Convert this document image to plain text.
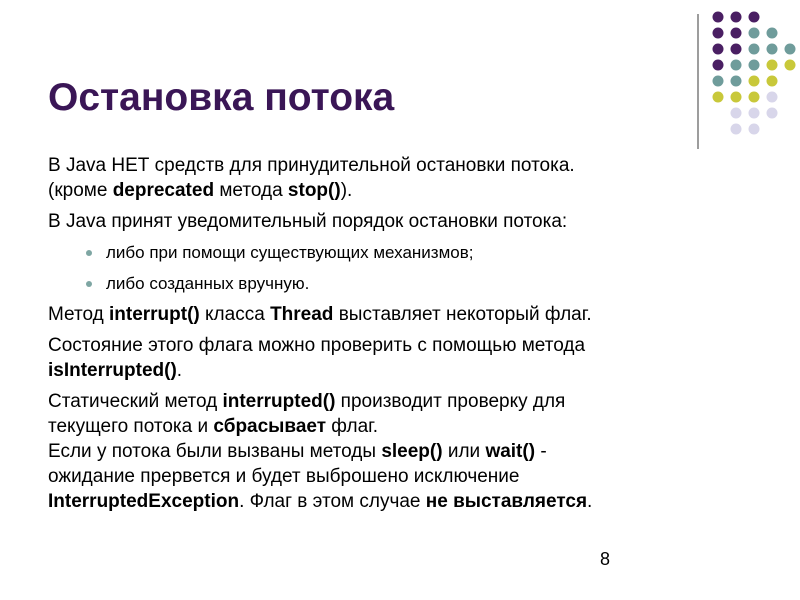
Остановка потока

В Java НЕТ средств для принудительной остановки потока.
(кроме deprecated метода stop()).

В Java принят уведомительный порядок остановки потока:

либо при помощи существующих механизмов;
либо созданных вручную.

Метод interrupt() класса Thread выставляет некоторый флаг.

Состояние этого флага можно проверить с помощью метода
isInterrupted().

Статический метод interrupted() производит проверку для
текущего потока и сбрасывает флаг.
Если у потока были вызваны методы sleep() или wait() -
ожидание прервется и будет выброшено исключение
InterruptedException. Флаг в этом случае не выставляется.

8
